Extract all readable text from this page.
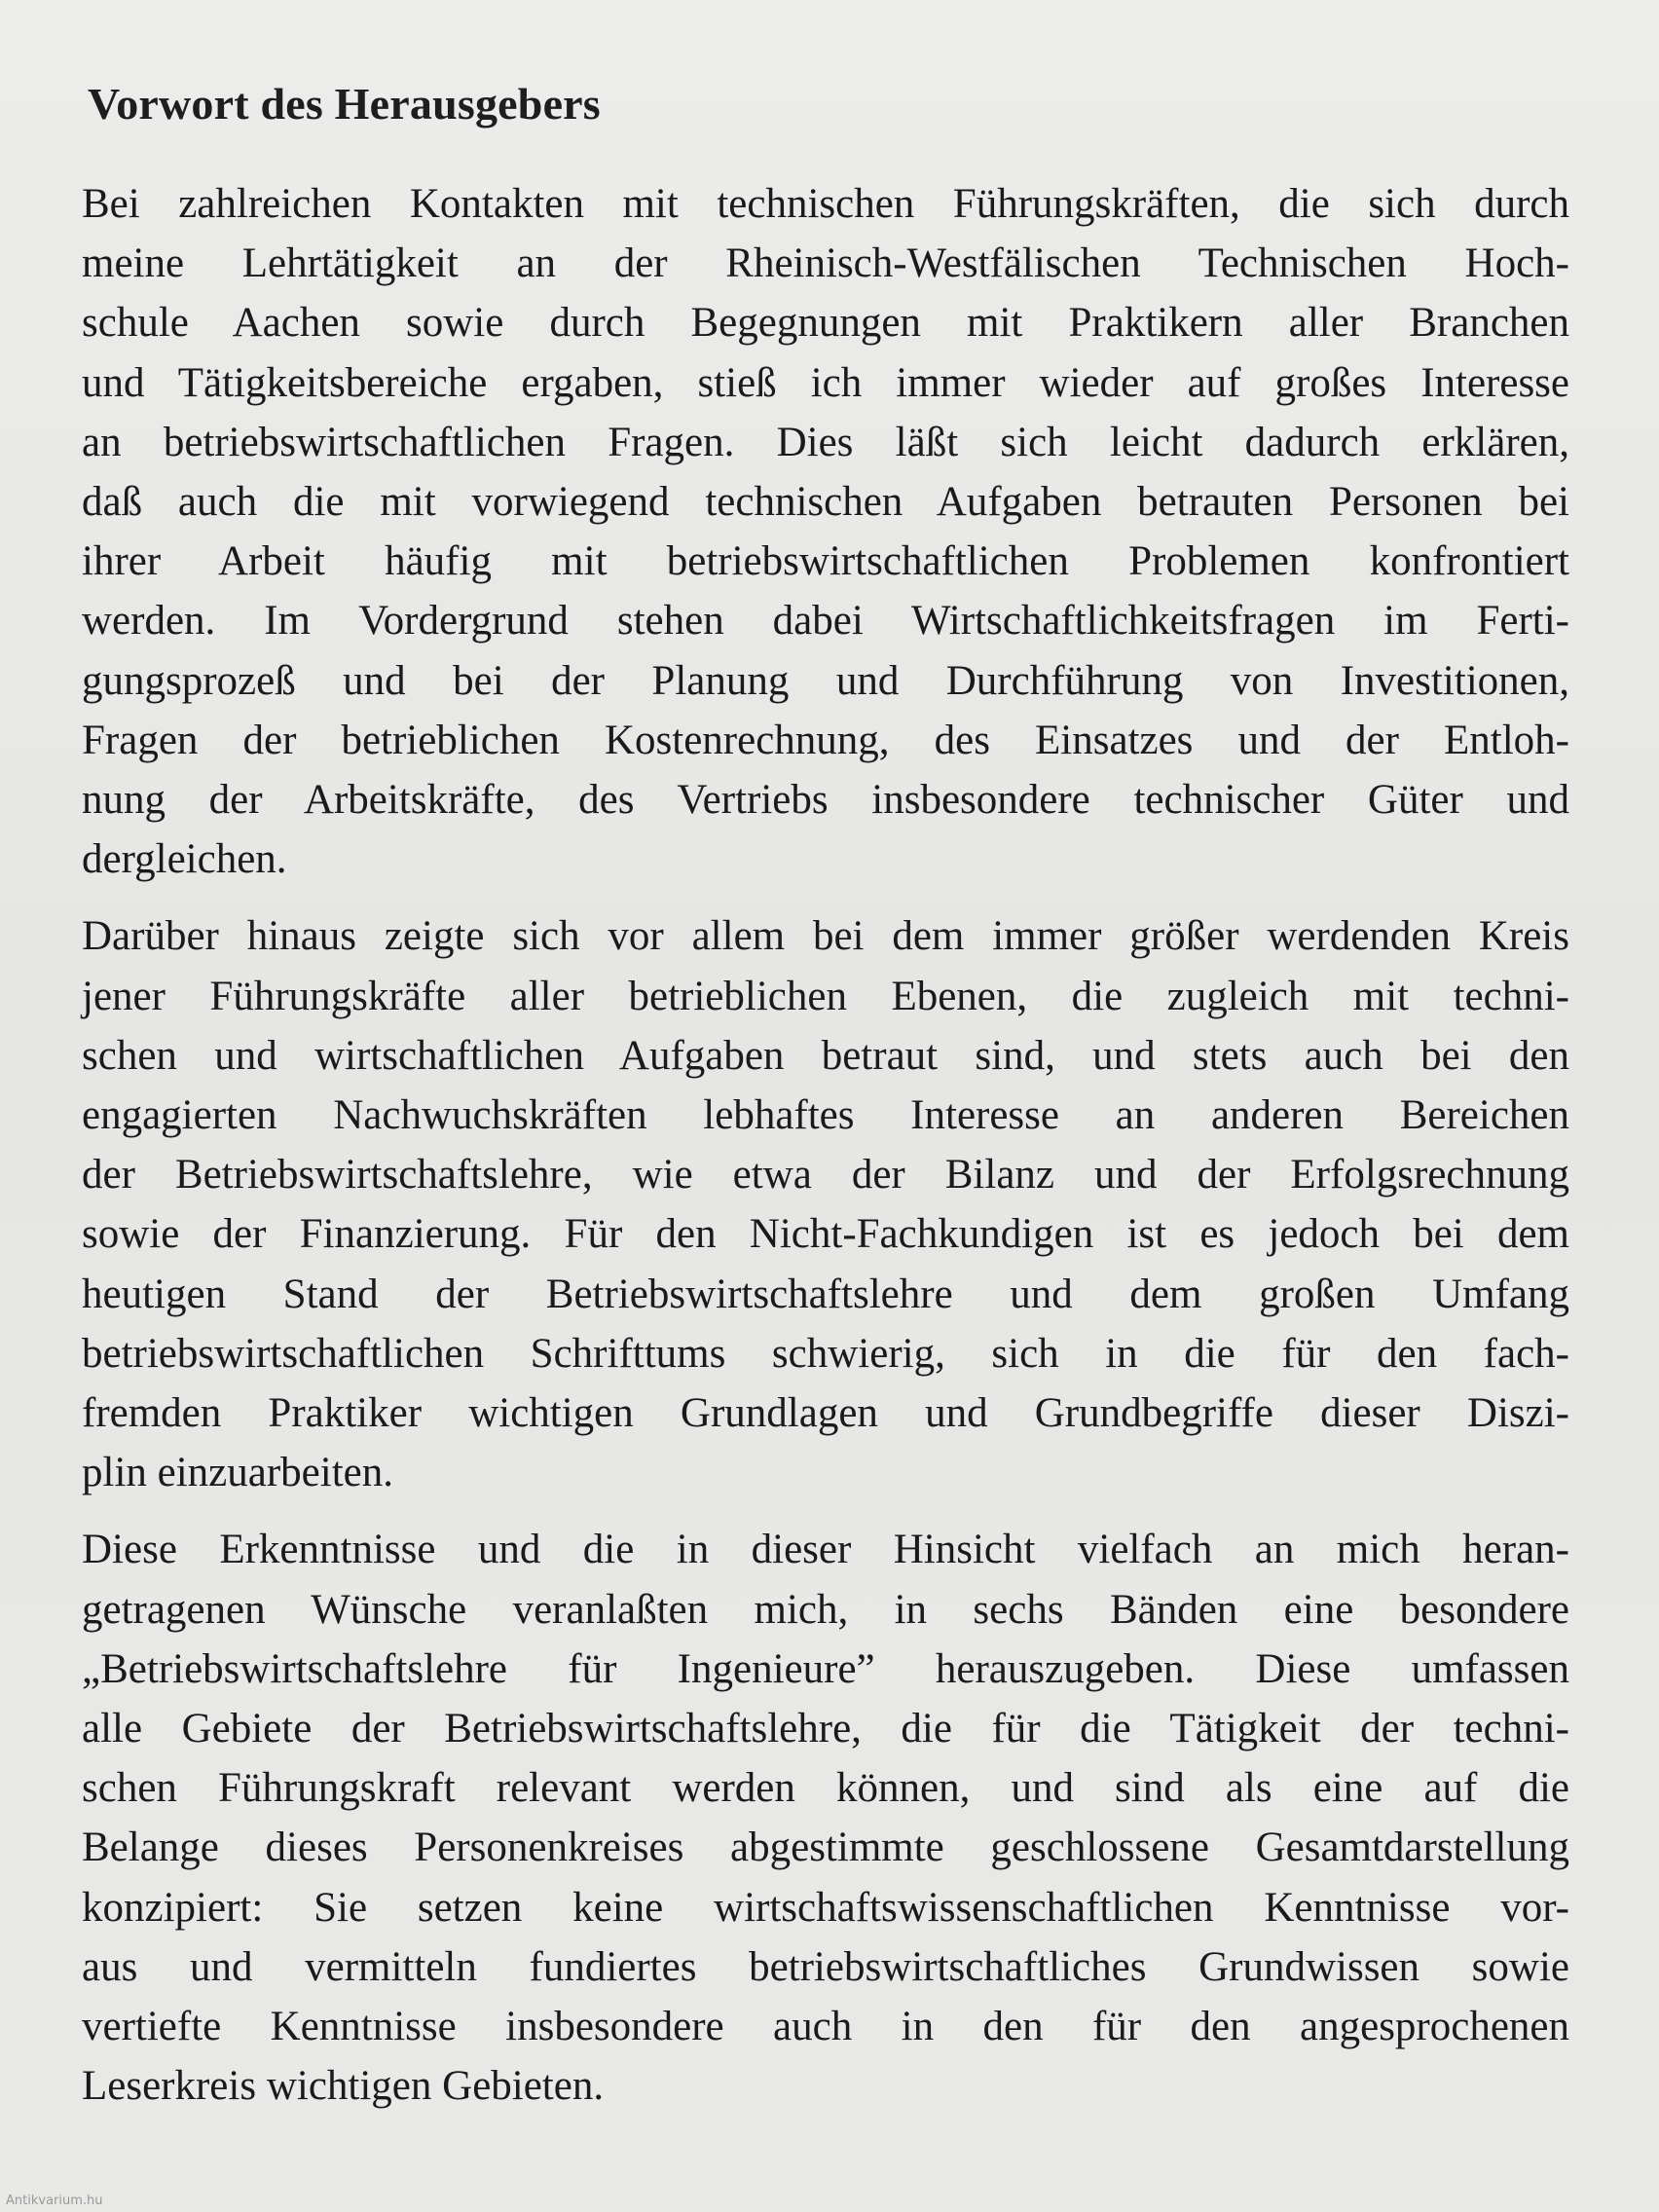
Vorwort des Herausgebers
Bei zahlreichen Kontakten mit technischen Führungskräften, die sich durch
meine Lehrtätigkeit an der Rheinisch-Westfälischen Technischen Hoch-
schule Aachen sowie durch Begegnungen mit Praktikern aller Branchen
und Tätigkeitsbereiche ergaben, stieß ich immer wieder auf großes Interesse
an betriebswirtschaftlichen Fragen. Dies läßt sich leicht dadurch erklären,
daß auch die mit vorwiegend technischen Aufgaben betrauten Personen bei
ihrer Arbeit häufig mit betriebswirtschaftlichen Problemen konfrontiert
werden. Im Vordergrund stehen dabei Wirtschaftlichkeitsfragen im Ferti-
gungsprozeß und bei der Planung und Durchführung von Investitionen,
Fragen der betrieblichen Kostenrechnung, des Einsatzes und der Entloh-
nung der Arbeitskräfte, des Vertriebs insbesondere technischer Güter und
dergleichen.
Darüber hinaus zeigte sich vor allem bei dem immer größer werdenden Kreis
jener Führungskräfte aller betrieblichen Ebenen, die zugleich mit techni-
schen und wirtschaftlichen Aufgaben betraut sind, und stets auch bei den
engagierten Nachwuchskräften lebhaftes Interesse an anderen Bereichen
der Betriebswirtschaftslehre, wie etwa der Bilanz und der Erfolgsrechnung
sowie der Finanzierung. Für den Nicht-Fachkundigen ist es jedoch bei dem
heutigen Stand der Betriebswirtschaftslehre und dem großen Umfang
betriebswirtschaftlichen Schrifttums schwierig, sich in die für den fach-
fremden Praktiker wichtigen Grundlagen und Grundbegriffe dieser Diszi-
plin einzuarbeiten.
Diese Erkenntnisse und die in dieser Hinsicht vielfach an mich heran-
getragenen Wünsche veranlaßten mich, in sechs Bänden eine besondere
„Betriebswirtschaftslehre für Ingenieure” herauszugeben. Diese umfassen
alle Gebiete der Betriebswirtschaftslehre, die für die Tätigkeit der techni-
schen Führungskraft relevant werden können, und sind als eine auf die
Belange dieses Personenkreises abgestimmte geschlossene Gesamtdarstellung
konzipiert: Sie setzen keine wirtschaftswissenschaftlichen Kenntnisse vor-
aus und vermitteln fundiertes betriebswirtschaftliches Grundwissen sowie
vertiefte Kenntnisse insbesondere auch in den für den angesprochenen
Leserkreis wichtigen Gebieten.
Antikvarium.hu
